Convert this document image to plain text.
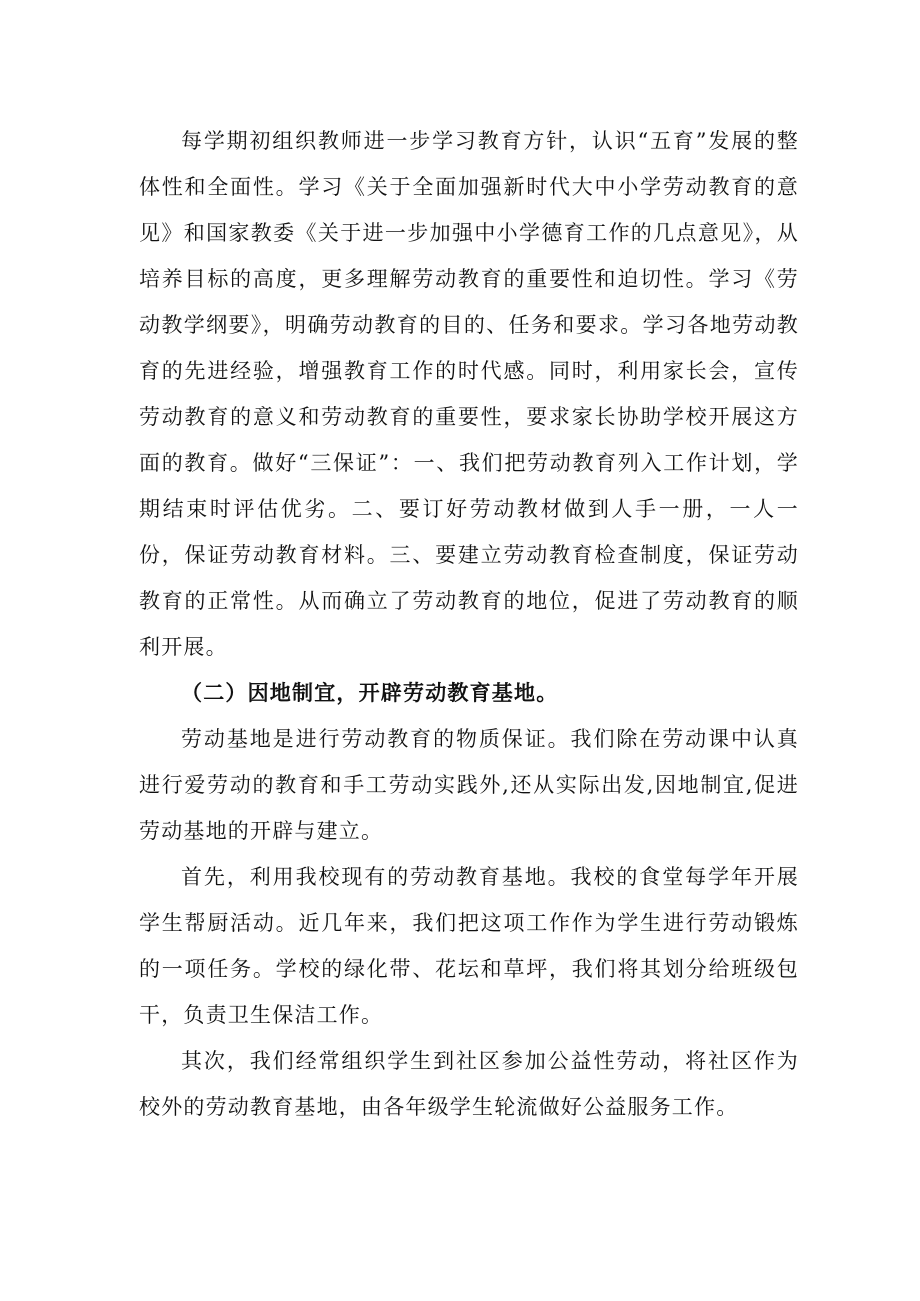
每学期初组织教师进一步学习教育方针，认识“五育”发展的整体性和全面性。学习《关于全面加强新时代大中小学劳动教育的意见》和国家教委《关于进一步加强中小学德育工作的几点意见》，从培养目标的高度，更多理解劳动教育的重要性和迫切性。学习《劳动教学纲要》，明确劳动教育的目的、任务和要求。学习各地劳动教育的先进经验，增强教育工作的时代感。同时，利用家长会，宣传劳动教育的意义和劳动教育的重要性，要求家长协助学校开展这方面的教育。做好“三保证”：一、我们把劳动教育列入工作计划，学期结束时评估优劣。二、要订好劳动教材做到人手一册，一人一份，保证劳动教育材料。三、要建立劳动教育检查制度，保证劳动教育的正常性。从而确立了劳动教育的地位，促进了劳动教育的顺利开展。

（二）因地制宜，开辟劳动教育基地。

劳动基地是进行劳动教育的物质保证。我们除在劳动课中认真进行爱劳动的教育和手工劳动实践外,还从实际出发,因地制宜,促进劳动基地的开辟与建立。

首先，利用我校现有的劳动教育基地。我校的食堂每学年开展学生帮厨活动。近几年来，我们把这项工作作为学生进行劳动锻炼的一项任务。学校的绿化带、花坛和草坪，我们将其划分给班级包干，负责卫生保洁工作。

其次，我们经常组织学生到社区参加公益性劳动，将社区作为校外的劳动教育基地，由各年级学生轮流做好公益服务工作。
